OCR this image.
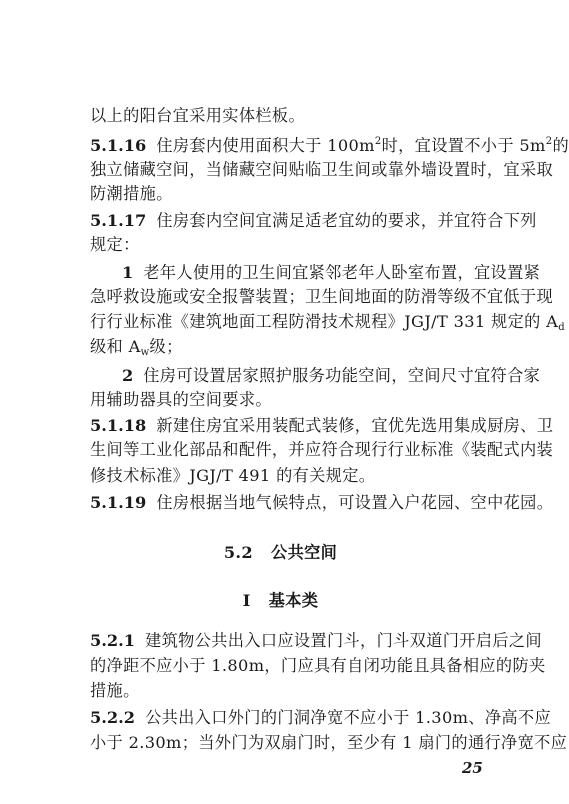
以上的阳台宜采用实体栏板。
5.1.16 住房套内使用面积大于 $100m^2$时，宜设置不小于 $5m^2$的
独立储藏空间，当储藏空间贴临卫生间或靠外墙设置时，宜采取
防潮措施。
5.1.17 住房套内空间宜满足适老宜幼的要求，并宜符合下列
规定：
1 老年人使用的卫生间宜紧邻老年人卧室布置，宜设置紧
急呼救设施或安全报警装置；卫生间地面的防滑等级不宜低于现
行行业标准《建筑地面工程防滑技术规程》JGJ/T 331 规定的 $A_d$
级和 $A_w$级；
2 住房可设置居家照护服务功能空间，空间尺寸宜符合家
用辅助器具的空间要求。
5.1.18 新建住房宜采用装配式装修，宜优先选用集成厨房、卫
生间等工业化部品和配件，并应符合现行行业标准《装配式内装
修技术标准》JGJ/T 491 的有关规定。
5.1.19 住房根据当地气候特点，可设置入户花园、空中花园。
5.2 公共空间
I 基本类
5.2.1 建筑物公共出入口应设置门斗，门斗双道门开启后之间
的净距不应小于 1.80m，门应具有自闭功能且具备相应的防夹
措施。
5.2.2 公共出入口外门的门洞净宽不应小于 1.30m、净高不应
小于 2.30m；当外门为双扇门时，至少有 1 扇门的通行净宽不应
25
